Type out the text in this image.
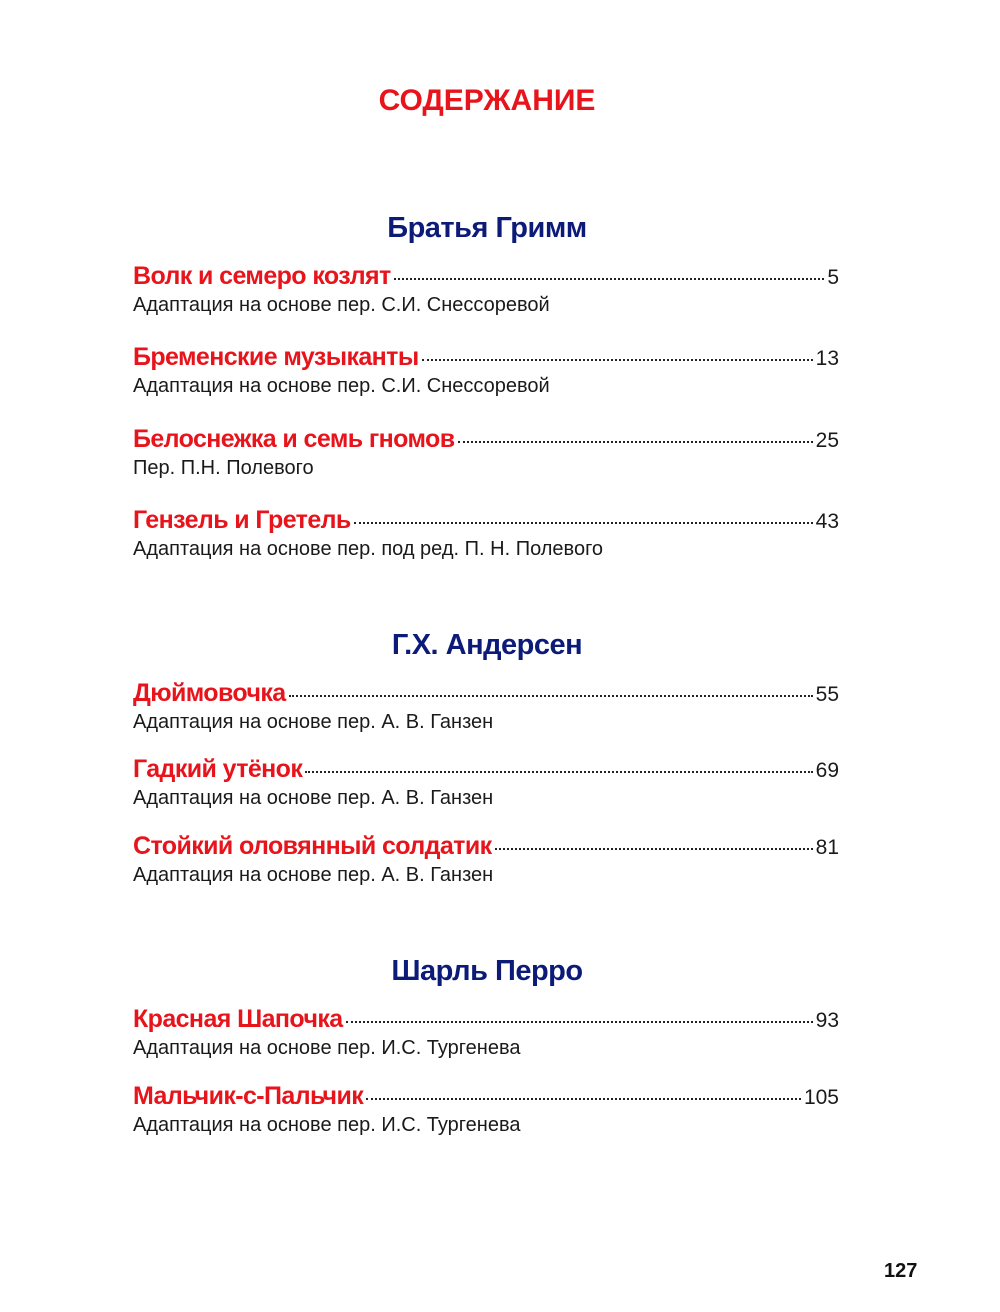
СОДЕРЖАНИЕ
Братья Гримм
Волк и семеро козлят	5
Адаптация на основе пер. С.И. Снессоревой
Бременские музыканты	13
Адаптация на основе пер. С.И. Снессоревой
Белоснежка и семь гномов	25
Пер. П.Н. Полевого
Гензель и Гретель	43
Адаптация на основе пер. под ред. П. Н. Полевого
Г.Х. Андерсен
Дюймовочка	55
Адаптация на основе пер. А. В. Ганзен
Гадкий утёнок	69
Адаптация на основе пер. А. В. Ганзен
Стойкий оловянный солдатик	81
Адаптация на основе пер. А. В. Ганзен
Шарль Перро
Красная Шапочка	93
Адаптация на основе пер. И.С. Тургенева
Мальчик-с-Пальчик	105
Адаптация на основе пер. И.С. Тургенева
127
